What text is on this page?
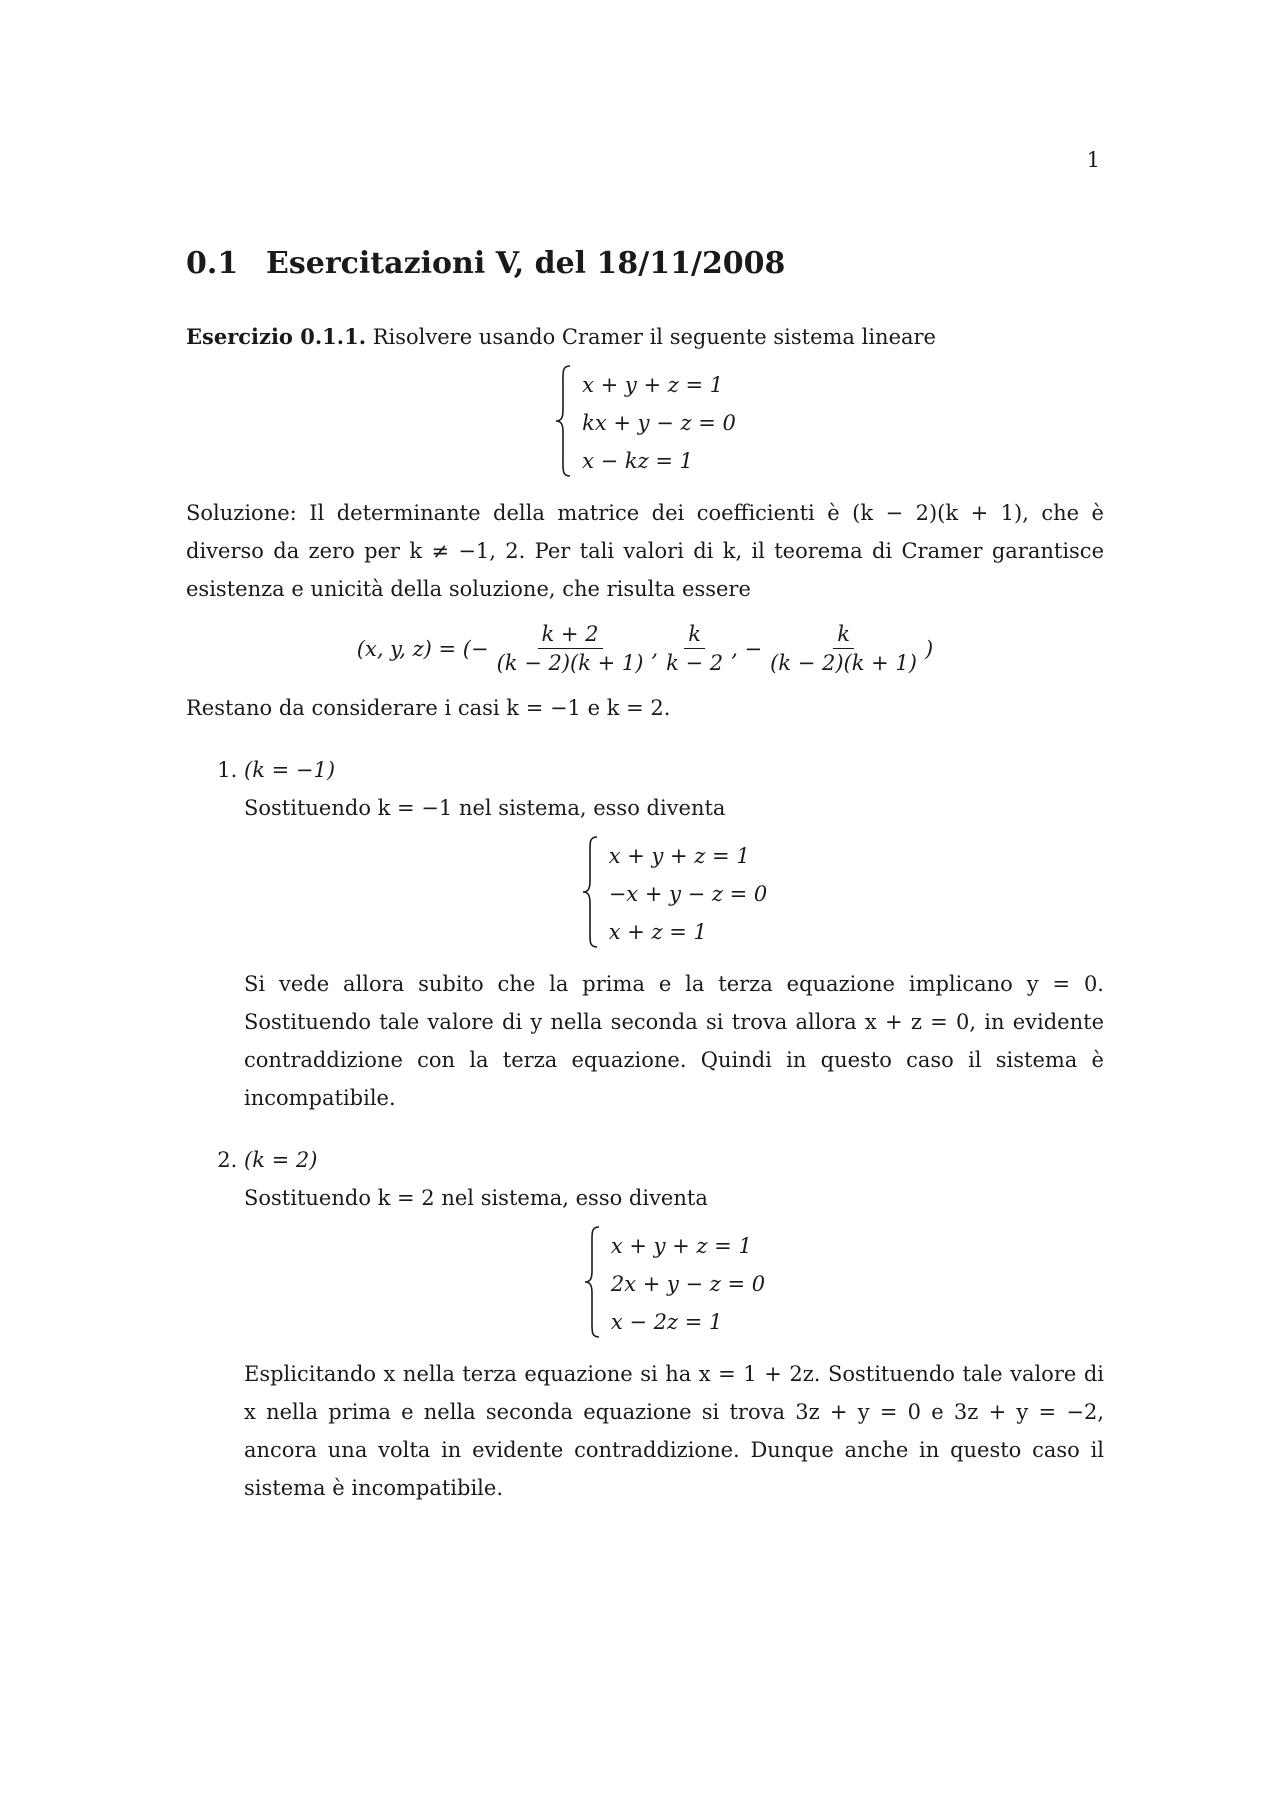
1
0.1 Esercitazioni V, del 18/11/2008

Esercizio 0.1.1. Risolvere usando Cramer il seguente sistema lineare

x + y + z = 1
kx + y − z = 0
x − kz = 1

Soluzione: Il determinante della matrice dei coefficienti è (k − 2)(k + 1), che è diverso da zero per k ≠ −1, 2. Per tali valori di k, il teorema di Cramer garantisce esistenza e unicità della soluzione, che risulta essere

(x, y, z) = (− $\frac{k + 2}{(k - 2)(k + 1)}$ , $\frac{k}{k - 2}$ , − $\frac{k}{(k - 2)(k + 1)}$ )

Restano da considerare i casi k = −1 e k = 2.

1. (k = −1)

Sostituendo k = −1 nel sistema, esso diventa

x + y + z = 1
−x + y − z = 0
x + z = 1

Si vede allora subito che la prima e la terza equazione implicano y = 0. Sostituendo tale valore di y nella seconda si trova allora x + z = 0, in evidente contraddizione con la terza equazione. Quindi in questo caso il sistema è incompatibile.

2. (k = 2)

Sostituendo k = 2 nel sistema, esso diventa

x + y + z = 1
2x + y − z = 0
x − 2z = 1

Esplicitando x nella terza equazione si ha x = 1 + 2z. Sostituendo tale valore di x nella prima e nella seconda equazione si trova 3z + y = 0 e 3z + y = −2, ancora una volta in evidente contraddizione. Dunque anche in questo caso il sistema è incompatibile.
